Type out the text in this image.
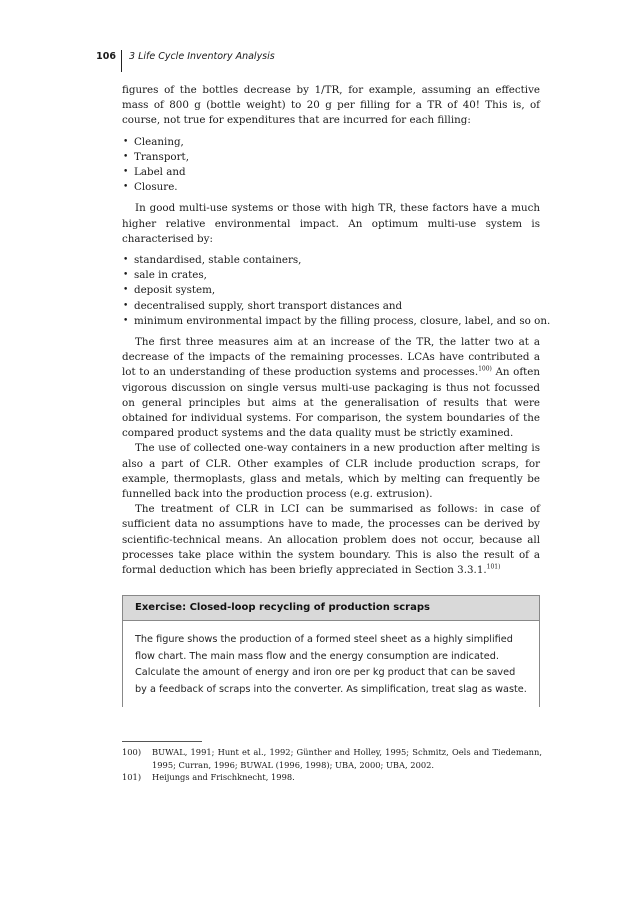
106	3 Life Cycle Inventory Analysis

figures of the bottles decrease by 1/TR, for example, assuming an effective mass of 800 g (bottle weight) to 20 g per filling for a TR of 40! This is, of course, not true for expenditures that are incurred for each filling:

• Cleaning,
• Transport,
• Label and
• Closure.

In good multi-use systems or those with high TR, these factors have a much higher relative environmental impact. An optimum multi-use system is characterised by:

• standardised, stable containers,
• sale in crates,
• deposit system,
• decentralised supply, short transport distances and
• minimum environmental impact by the filling process, closure, label, and so on.

The first three measures aim at an increase of the TR, the latter two at a decrease of the impacts of the remaining processes. LCAs have contributed a lot to an understanding of these production systems and processes.$^{100)}$ An often vigorous discussion on single versus multi-use packaging is thus not focussed on general principles but aims at the generalisation of results that were obtained for individual systems. For comparison, the system boundaries of the compared product systems and the data quality must be strictly examined.

The use of collected one-way containers in a new production after melting is also a part of CLR. Other examples of CLR include production scraps, for example, thermoplasts, glass and metals, which by melting can frequently be funnelled back into the production process (e.g. extrusion).

The treatment of CLR in LCI can be summarised as follows: in case of sufficient data no assumptions have to made, the processes can be derived by scientific-technical means. An allocation problem does not occur, because all processes take place within the system boundary. This is also the result of a formal deduction which has been briefly appreciated in Section 3.3.1.$^{101)}$

Exercise: Closed-loop recycling of production scraps
The figure shows the production of a formed steel sheet as a highly simplified flow chart. The main mass flow and the energy consumption are indicated. Calculate the amount of energy and iron ore per kg product that can be saved by a feedback of scraps into the converter. As simplification, treat slag as waste.
100) BUWAL, 1991; Hunt et al., 1992; Günther and Holley, 1995; Schmitz, Oels and Tiedemann, 1995; Curran, 1996; BUWAL (1996, 1998); UBA, 2000; UBA, 2002.
101) Heijungs and Frischknecht, 1998.
